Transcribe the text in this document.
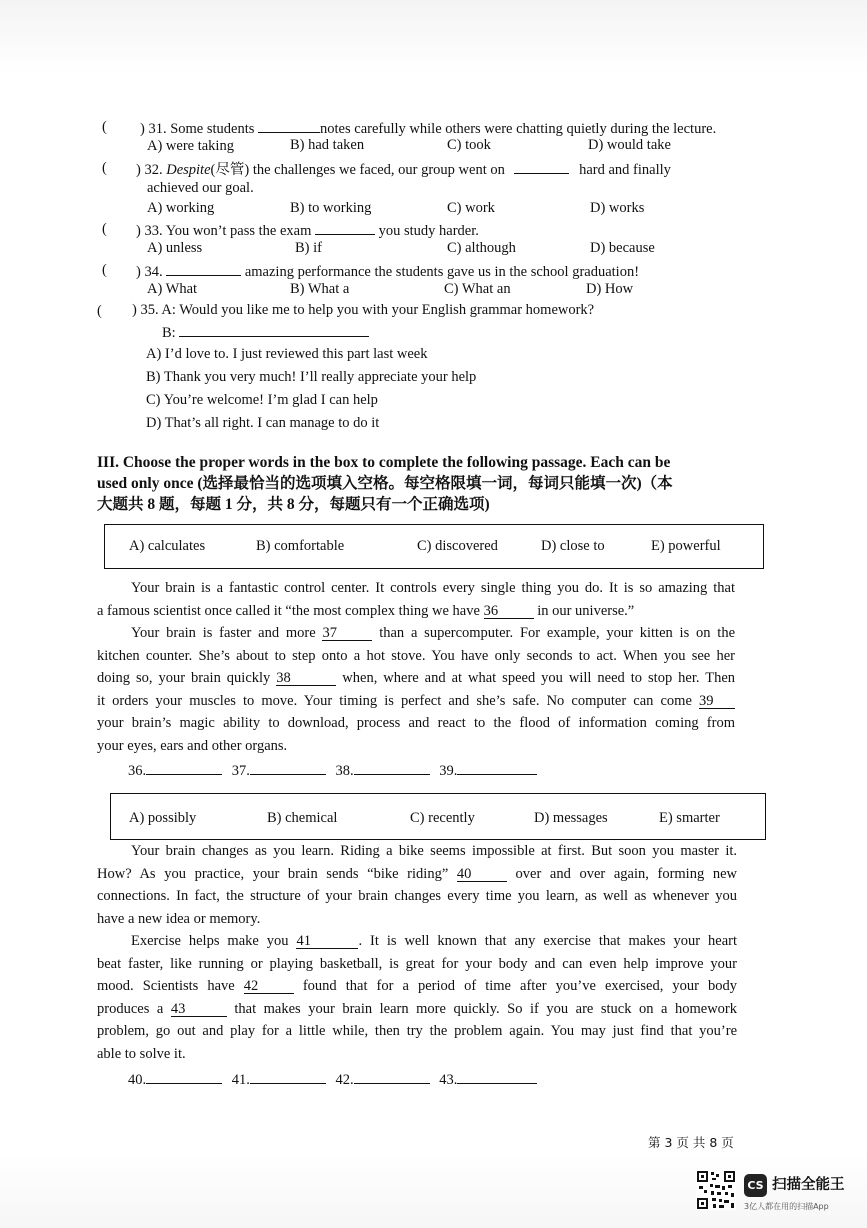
( ) 31. Some students	notes carefully while others were chatting quietly during the lecture.
A) were taking	B) had taken	C) took	D) would take
( ) 32. Despite(尽管) the challenges we faced, our group went on	hard and finally
achieved our goal.
A) working	B) to working	C) work	D) works
( ) 33. You won’t pass the exam	you study harder.
A) unless	B) if	C) although	D) because
( ) 34.	amazing performance the students gave us in the school graduation!
A) What	B) What a	C) What an	D) How
( ) 35. A: Would you like me to help you with your English grammar homework?
B:
A) I’d love to. I just reviewed this part last week
B) Thank you very much! I’ll really appreciate your help
C) You’re welcome! I’m glad I can help
D) That’s all right. I can manage to do it
III. Choose the proper words in the box to complete the following passage. Each can be
used only once (选择最恰当的选项填入空格。每空格限填一词，每词只能填一次)（本
大题共 8 题，每题 1 分，共 8 分，每题只有一个正确选项)
A) calculates	B) comfortable	C) discovered	D) close to	E) powerful
Your brain is a fantastic control center. It controls every single thing you do. It is so amazing that
a famous scientist once called it “the most complex thing we have 36	in our universe.”
Your brain is faster and more 37	than a supercomputer. For example, your kitten is on the
kitchen counter. She’s about to step onto a hot stove. You have only seconds to act. When you see her
doing so, your brain quickly 38	when, where and at what speed you will need to stop her. Then
it orders your muscles to move. Your timing is perfect and she’s safe. No computer can come 39
your brain’s magic ability to download, process and react to the flood of information coming from
your eyes, ears and other organs.
36.	37.	38.	39.
A) possibly	B) chemical	C) recently	D) messages	E) smarter
Your brain changes as you learn. Riding a bike seems impossible at first. But soon you master it.
How? As you practice, your brain sends “bike riding” 40	over and over again, forming new
connections. In fact, the structure of your brain changes every time you learn, as well as whenever you
have a new idea or memory.
Exercise helps make you 41	. It is well known that any exercise that makes your heart
beat faster, like running or playing basketball, is great for your body and can even help improve your
mood. Scientists have 42	found that for a period of time after you’ve exercised, your body
produces a 43	that makes your brain learn more quickly. So if you are stuck on a homework
problem, go out and play for a little while, then try the problem again. You may just find that you’re
able to solve it.
40.	41.	42.	43.
第 3 页 共 8 页
CS 扫描全能王
3亿人都在用的扫描App
